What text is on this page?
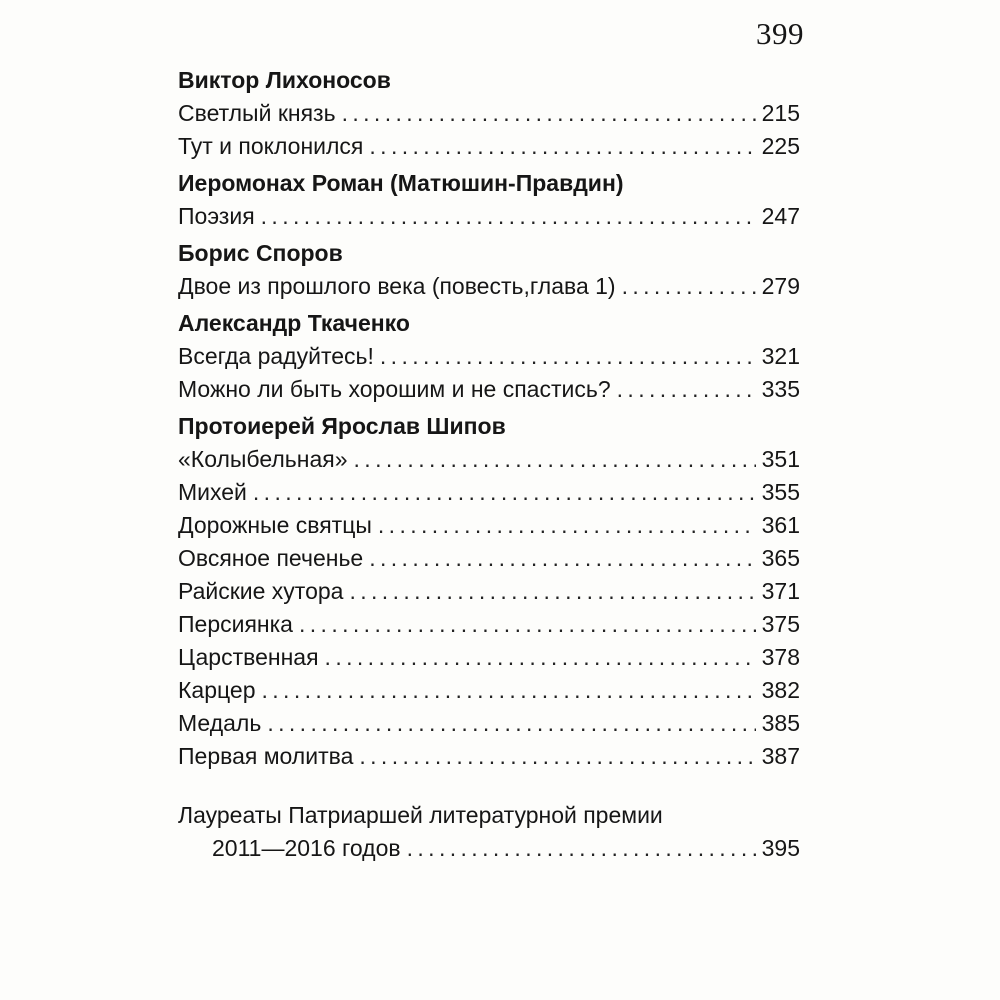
399
Виктор Лихоносов
Светлый князь . . .	215
Тут и поклонился . . .	225
Иеромонах Роман (Матюшин-Правдин)
Поэзия . . .	247
Борис Споров
Двое из прошлого века (повесть,глава 1) . . .	279
Александр Ткаченко
Всегда радуйтесь! . . .	321
Можно ли быть хорошим и не спастись? . . .	335
Протоиерей Ярослав Шипов
«Колыбельная» . . .	351
Михей . . .	355
Дорожные святцы . . .	361
Овсяное печенье . . .	365
Райские хутора . . .	371
Персиянка . . .	375
Царственная . . .	378
Карцер . . .	382
Медаль . . .	385
Первая молитва . . .	387
Лауреаты Патриаршей литературной премии
2011—2016 годов . . .	395
